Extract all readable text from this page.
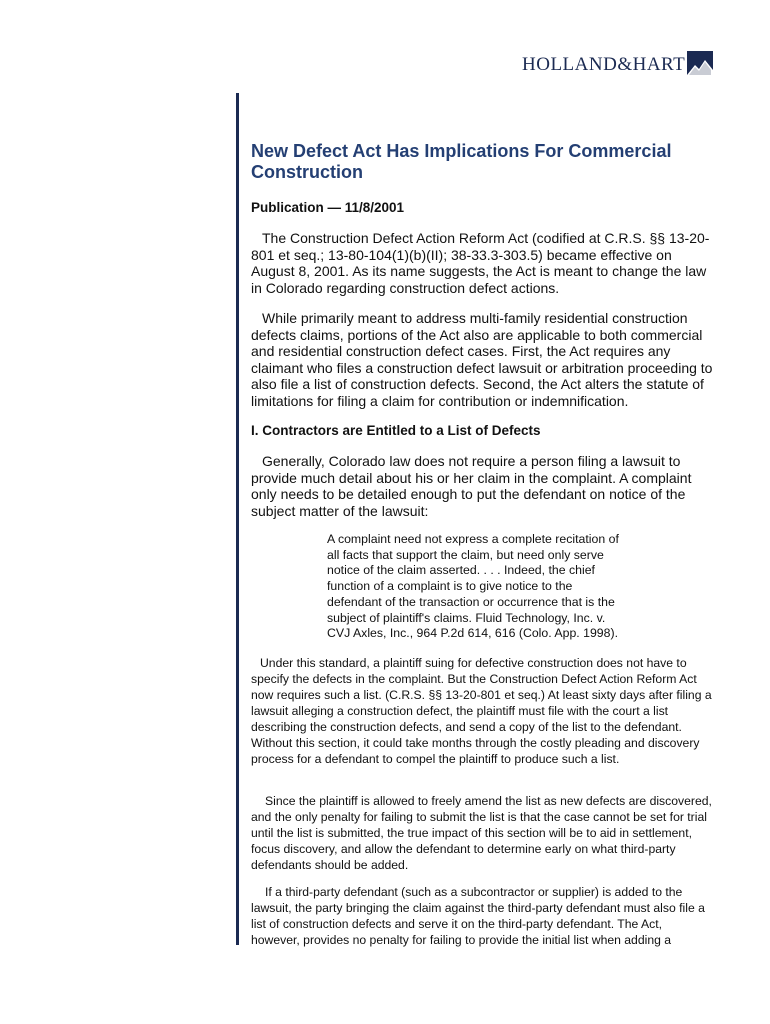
HOLLAND&HART
New Defect Act Has Implications For Commercial Construction
Publication — 11/8/2001

The Construction Defect Action Reform Act (codified at C.R.S. §§ 13-20-801 et seq.; 13-80-104(1)(b)(II); 38-33.3-303.5) became effective on August 8, 2001. As its name suggests, the Act is meant to change the law in Colorado regarding construction defect actions.

While primarily meant to address multi-family residential construction defects claims, portions of the Act also are applicable to both commercial and residential construction defect cases. First, the Act requires any claimant who files a construction defect lawsuit or arbitration proceeding to also file a list of construction defects. Second, the Act alters the statute of limitations for filing a claim for contribution or indemnification.

I. Contractors are Entitled to a List of Defects

Generally, Colorado law does not require a person filing a lawsuit to provide much detail about his or her claim in the complaint. A complaint only needs to be detailed enough to put the defendant on notice of the subject matter of the lawsuit:

A complaint need not express a complete recitation of all facts that support the claim, but need only serve notice of the claim asserted. . . . Indeed, the chief function of a complaint is to give notice to the defendant of the transaction or occurrence that is the subject of plaintiff's claims. Fluid Technology, Inc. v. CVJ Axles, Inc., 964 P.2d 614, 616 (Colo. App. 1998).

Under this standard, a plaintiff suing for defective construction does not have to specify the defects in the complaint. But the Construction Defect Action Reform Act now requires such a list. (C.R.S. §§ 13-20-801 et seq.) At least sixty days after filing a lawsuit alleging a construction defect, the plaintiff must file with the court a list describing the construction defects, and send a copy of the list to the defendant. Without this section, it could take months through the costly pleading and discovery process for a defendant to compel the plaintiff to produce such a list.

Since the plaintiff is allowed to freely amend the list as new defects are discovered, and the only penalty for failing to submit the list is that the case cannot be set for trial until the list is submitted, the true impact of this section will be to aid in settlement, focus discovery, and allow the defendant to determine early on what third-party defendants should be added.

If a third-party defendant (such as a subcontractor or supplier) is added to the lawsuit, the party bringing the claim against the third-party defendant must also file a list of construction defects and serve it on the third-party defendant. The Act, however, provides no penalty for failing to provide the initial list when adding a
